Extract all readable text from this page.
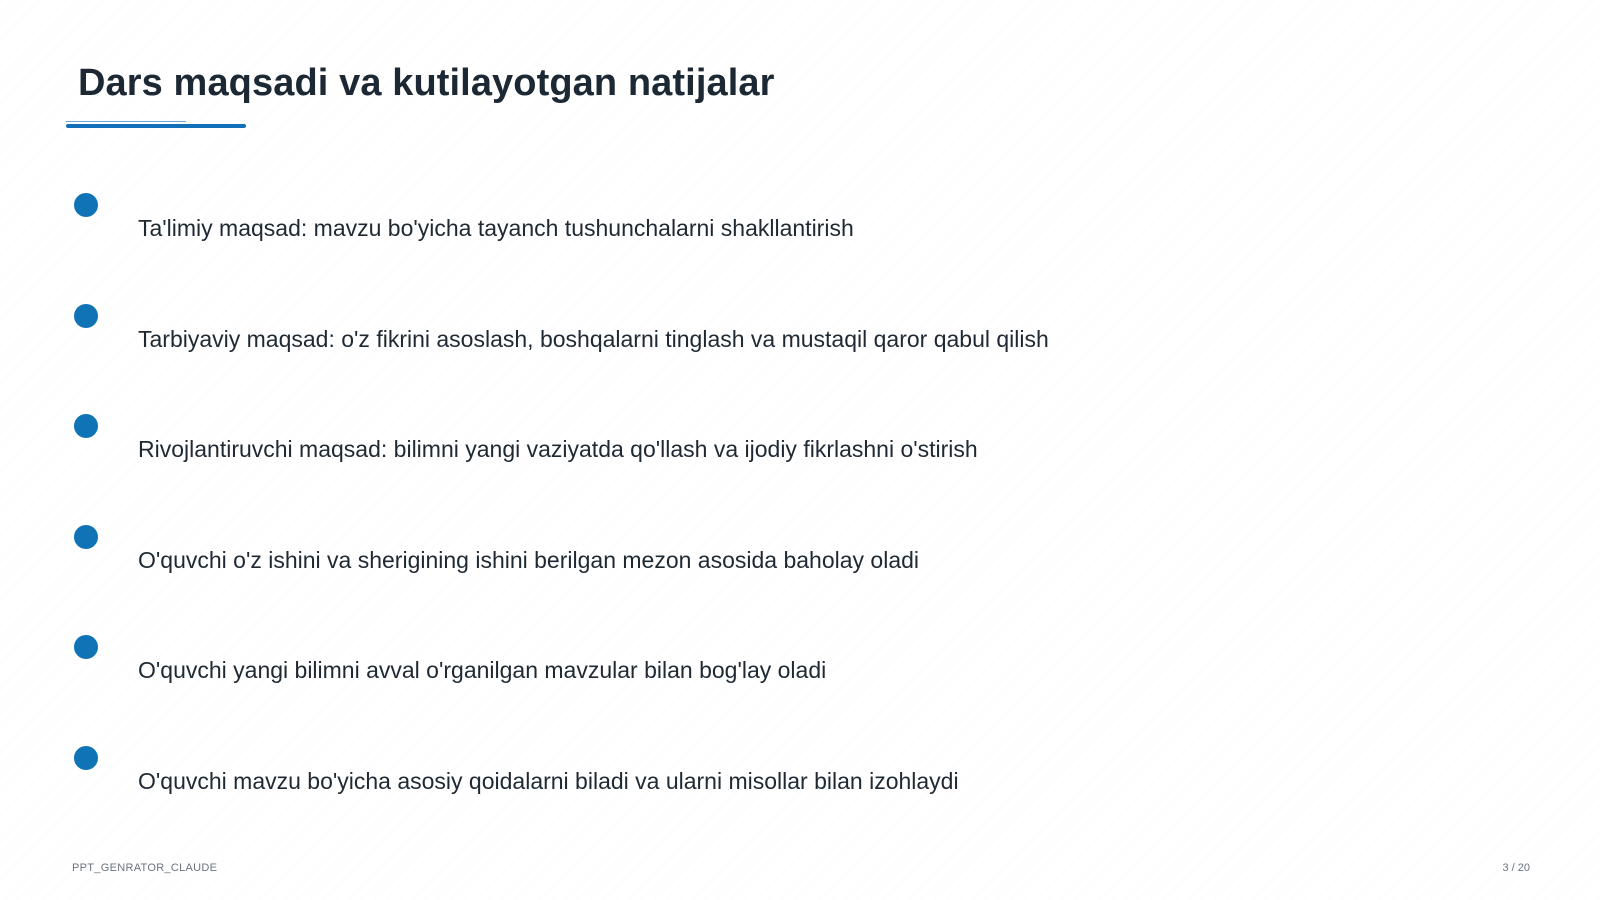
Dars maqsadi va kutilayotgan natijalar
Ta'limiy maqsad: mavzu bo'yicha tayanch tushunchalarni shakllantirish
Tarbiyaviy maqsad: o'z fikrini asoslash, boshqalarni tinglash va mustaqil qaror qabul qilish
Rivojlantiruvchi maqsad: bilimni yangi vaziyatda qo'llash va ijodiy fikrlashni o'stirish
O'quvchi o'z ishini va sherigining ishini berilgan mezon asosida baholay oladi
O'quvchi yangi bilimni avval o'rganilgan mavzular bilan bog'lay oladi
O'quvchi mavzu bo'yicha asosiy qoidalarni biladi va ularni misollar bilan izohlaydi
PPT_GENRATOR_CLAUDE	3 / 20
